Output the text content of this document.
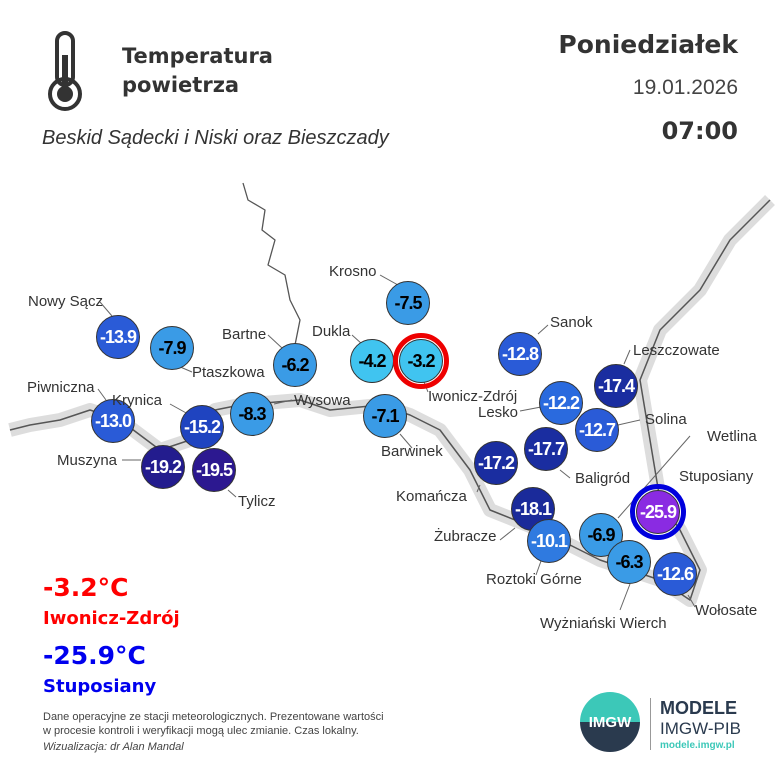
Temperatura
powietrza
Beskid Sądecki i Niski oraz Bieszczady
Poniedziałek
19.01.2026
07:00
-13.9
Nowy Sącz
-7.9
Ptaszkowa -6.2
Bartne
-7.5
Krosno
-4.2
Dukla
-3.2
Iwonicz-Zdrój
-13.0
Piwniczna
-15.2
Krynica
-8.3
Wysowa
-7.1
Barwinek
-19.2
Muszyna	-19.5
Tylicz
-12.8
Sanok
-17.4
Leszczowate
-12.2
Lesko
-12.7 Solina
-17.7
Baligród
-17.2
Komańcza
-18.1
Żubracze -10.1
Roztoki Górne
-6.9
Wetlina
-25.9
Stuposiany
-6.3
Wyżniański Wierch
-12.6
Wołosate
-3.2°C
Iwonicz-Zdrój
-25.9°C
Stuposiany
Dane operacyjne ze stacji meteorologicznych. Prezentowane wartości
w procesie kontroli i weryfikacji mogą ulec zmianie. Czas lokalny.
Wizualizacja: dr Alan Mandal
IMGW
MODELE
IMGW-PIB
modele.imgw.pl
